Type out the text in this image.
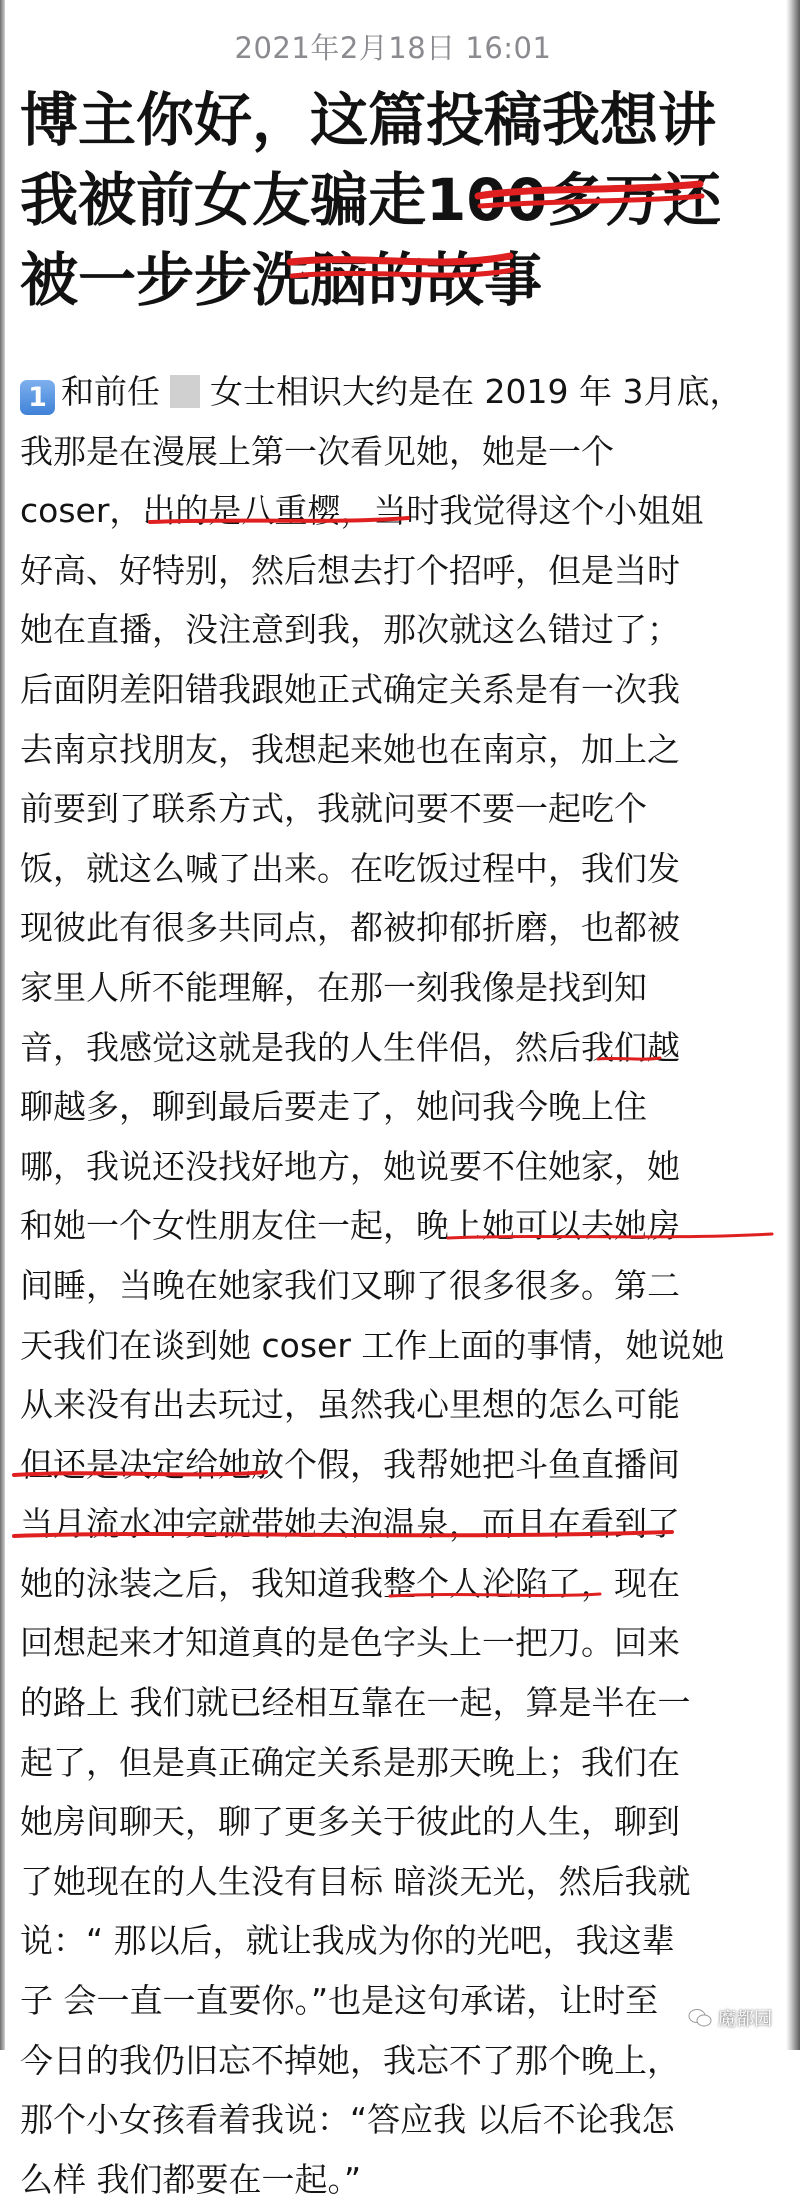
2021年2月18日 16:01
博主你好，这篇投稿我想讲
我被前女友骗走100多万还
被一步步洗脑的故事
1 和前任 女士相识大约是在 2019 年 3月底，
我那是在漫展上第一次看见她，她是一个
coser，出的是八重樱，当时我觉得这个小姐姐
好高、好特别，然后想去打个招呼，但是当时
她在直播，没注意到我，那次就这么错过了；
后面阴差阳错我跟她正式确定关系是有一次我
去南京找朋友，我想起来她也在南京，加上之
前要到了联系方式，我就问要不要一起吃个
饭，就这么喊了出来。在吃饭过程中，我们发
现彼此有很多共同点，都被抑郁折磨，也都被
家里人所不能理解，在那一刻我像是找到知
音，我感觉这就是我的人生伴侣，然后我们越
聊越多，聊到最后要走了，她问我今晚上住
哪，我说还没找好地方，她说要不住她家，她
和她一个女性朋友住一起，晚上她可以去她房
间睡，当晚在她家我们又聊了很多很多。第二
天我们在谈到她 coser 工作上面的事情，她说她
从来没有出去玩过，虽然我心里想的怎么可能
但还是决定给她放个假，我帮她把斗鱼直播间
当月流水冲完就带她去泡温泉，而且在看到了
她的泳装之后，我知道我整个人沦陷了，现在
回想起来才知道真的是色字头上一把刀。回来
的路上 我们就已经相互靠在一起，算是半在一
起了，但是真正确定关系是那天晚上；我们在
她房间聊天，聊了更多关于彼此的人生，聊到
了她现在的人生没有目标 暗淡无光，然后我就
说：“ 那以后，就让我成为你的光吧，我这辈
子 会一直一直要你。”也是这句承诺，让时至
今日的我仍旧忘不掉她，我忘不了那个晚上，
那个小女孩看着我说：“答应我 以后不论我怎
么样 我们都要在一起。”
魔都园
